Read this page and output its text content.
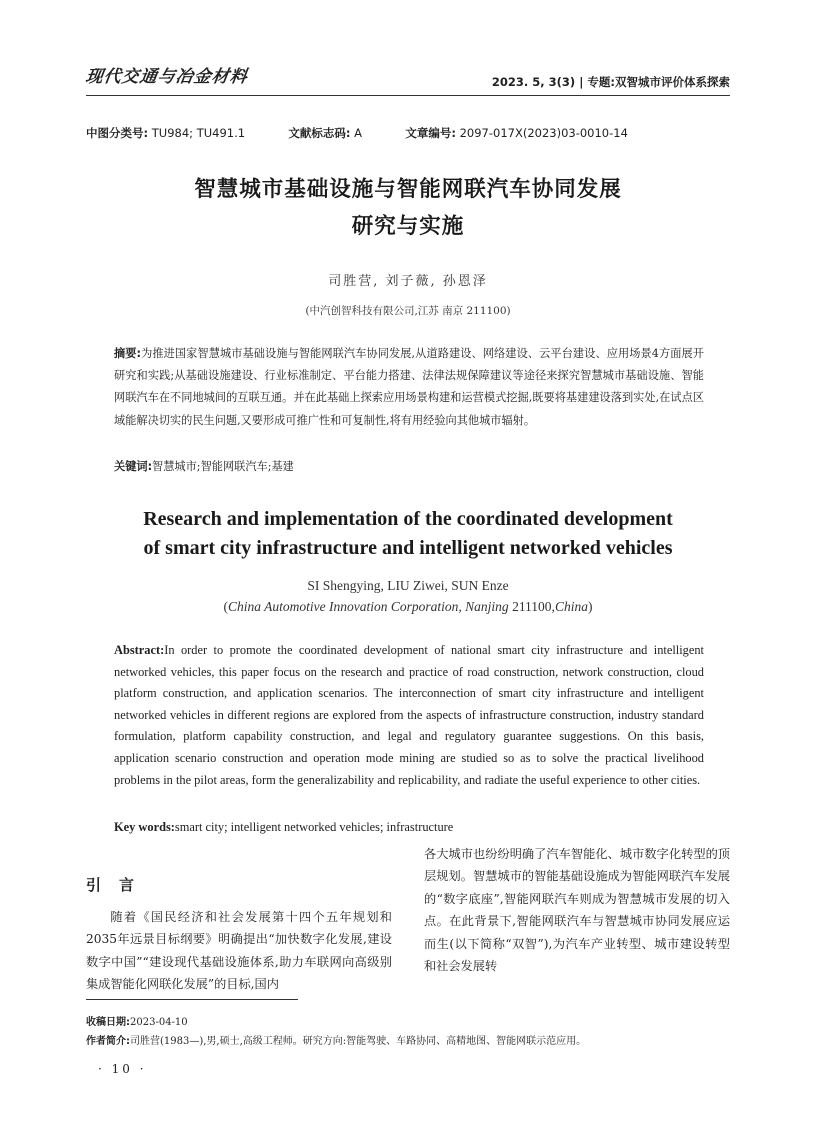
现代交通与冶金材料	2023. 5, 3(3) | 专题:双智城市评价体系探索
中图分类号: TU984; TU491.1	文献标志码: A	文章编号: 2097-017X(2023)03-0010-14
智慧城市基础设施与智能网联汽车协同发展
研究与实施
司胜营, 刘子薇, 孙恩泽
(中汽创智科技有限公司,江苏 南京 211100)
摘要:为推进国家智慧城市基础设施与智能网联汽车协同发展,从道路建设、网络建设、云平台建设、应用场景4方面展开研究和实践;从基础设施建设、行业标准制定、平台能力搭建、法律法规保障建议等途径来探究智慧城市基础设施、智能网联汽车在不同地城间的互联互通。并在此基础上探索应用场景构建和运营模式挖掘,既要将基建建设落到实处,在试点区域能解决切实的民生问题,又要形成可推广性和可复制性,将有用经验向其他城市辐射。
关键词:智慧城市;智能网联汽车;基建
Research and implementation of the coordinated development
of smart city infrastructure and intelligent networked vehicles
SI Shengying, LIU Ziwei, SUN Enze
(China Automotive Innovation Corporation, Nanjing 211100,China)
Abstract:In order to promote the coordinated development of national smart city infrastructure and intelligent networked vehicles, this paper focus on the research and practice of road construction, network construction, cloud platform construction, and application scenarios. The interconnection of smart city infrastructure and intelligent networked vehicles in different regions are explored from the aspects of infrastructure construction, industry standard formulation, platform capability construction, and legal and regulatory guarantee suggestions. On this basis, application scenario construction and operation mode mining are studied so as to solve the practical livelihood problems in the pilot areas, form the generalizability and replicability, and radiate the useful experience to other cities.
Key words:smart city; intelligent networked vehicles; infrastructure
引言
随着《国民经济和社会发展第十四个五年规划和2035年远景目标纲要》明确提出“加快数字化发展,建设数字中国”“建设现代基础设施体系,助力车联网向高级别集成智能化网联化发展”的目标,国内
各大城市也纷纷明确了汽车智能化、城市数字化转型的顶层规划。智慧城市的智能基础设施成为智能网联汽车发展的“数字底座”,智能网联汽车则成为智慧城市发展的切入点。在此背景下,智能网联汽车与智慧城市协同发展应运而生(以下简称“双智”),为汽车产业转型、城市建设转型和社会发展转
收稿日期:2023-04-10
作者简介:司胜营(1983—),男,硕士,高级工程师。研究方向:智能驾驶、车路协同、高精地图、智能网联示范应用。
· 10 ·
